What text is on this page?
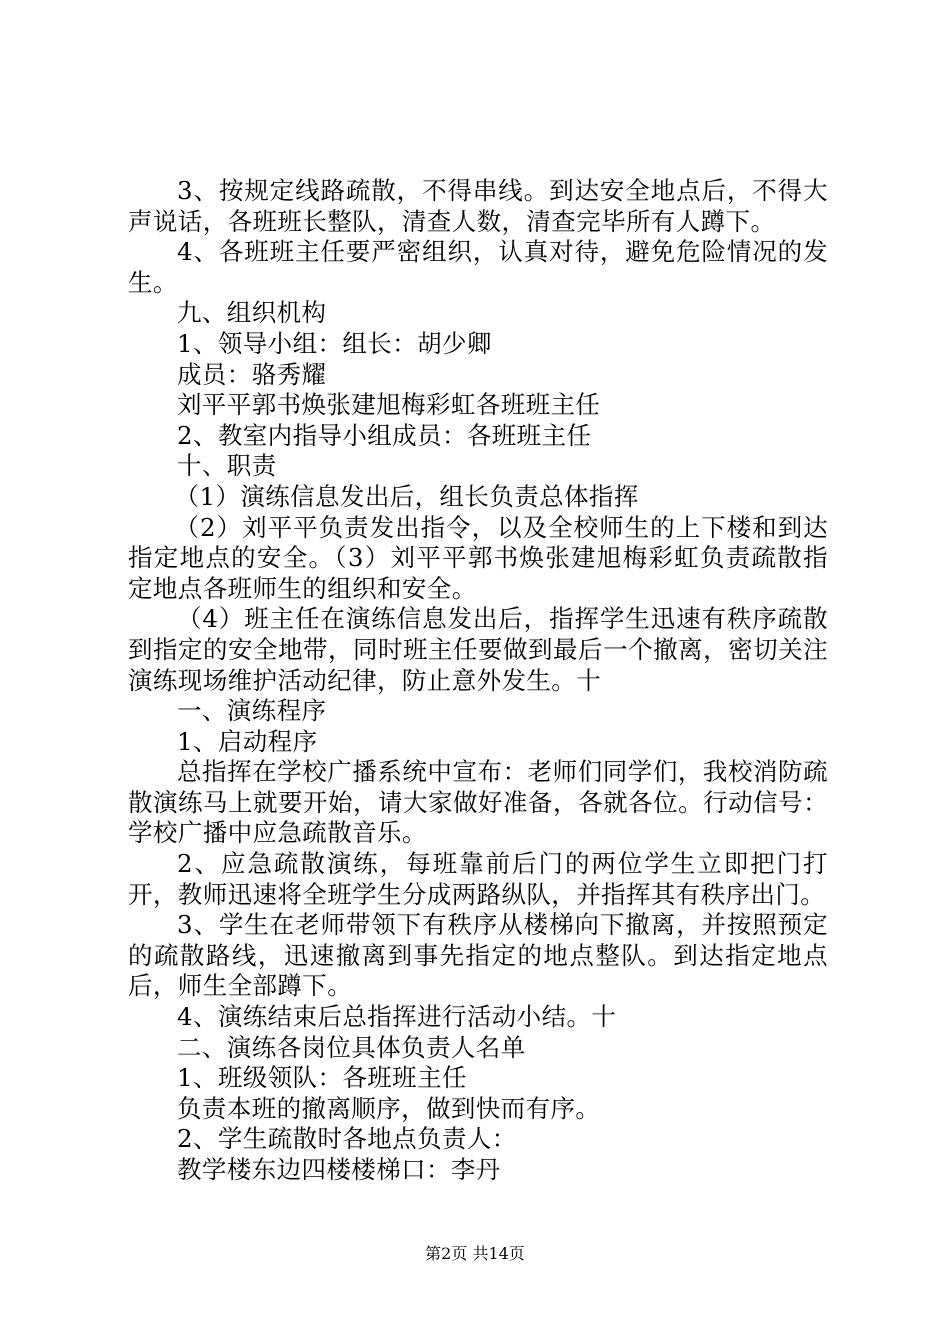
3、按规定线路疏散，不得串线。到达安全地点后，不得大声说话，各班班长整队，清查人数，清查完毕所有人蹲下。

4、各班班主任要严密组织，认真对待，避免危险情况的发生。

九、组织机构

1、领导小组：组长：胡少卿

成员：骆秀耀

刘平平郭书焕张建旭梅彩虹各班班主任

2、教室内指导小组成员：各班班主任

十、职责

（1）演练信息发出后，组长负责总体指挥

（2）刘平平负责发出指令，以及全校师生的上下楼和到达指定地点的安全。（3）刘平平郭书焕张建旭梅彩虹负责疏散指定地点各班师生的组织和安全。

（4）班主任在演练信息发出后，指挥学生迅速有秩序疏散到指定的安全地带，同时班主任要做到最后一个撤离，密切关注演练现场维护活动纪律，防止意外发生。十

一、演练程序

1、启动程序

总指挥在学校广播系统中宣布：老师们同学们，我校消防疏散演练马上就要开始，请大家做好准备，各就各位。行动信号：学校广播中应急疏散音乐。

2、应急疏散演练，每班靠前后门的两位学生立即把门打开，教师迅速将全班学生分成两路纵队，并指挥其有秩序出门。

3、学生在老师带领下有秩序从楼梯向下撤离，并按照预定的疏散路线，迅速撤离到事先指定的地点整队。到达指定地点后，师生全部蹲下。

4、演练结束后总指挥进行活动小结。十

二、演练各岗位具体负责人名单

1、班级领队：各班班主任

负责本班的撤离顺序，做到快而有序。

2、学生疏散时各地点负责人：

教学楼东边四楼楼梯口：李丹

第2页 共14页
